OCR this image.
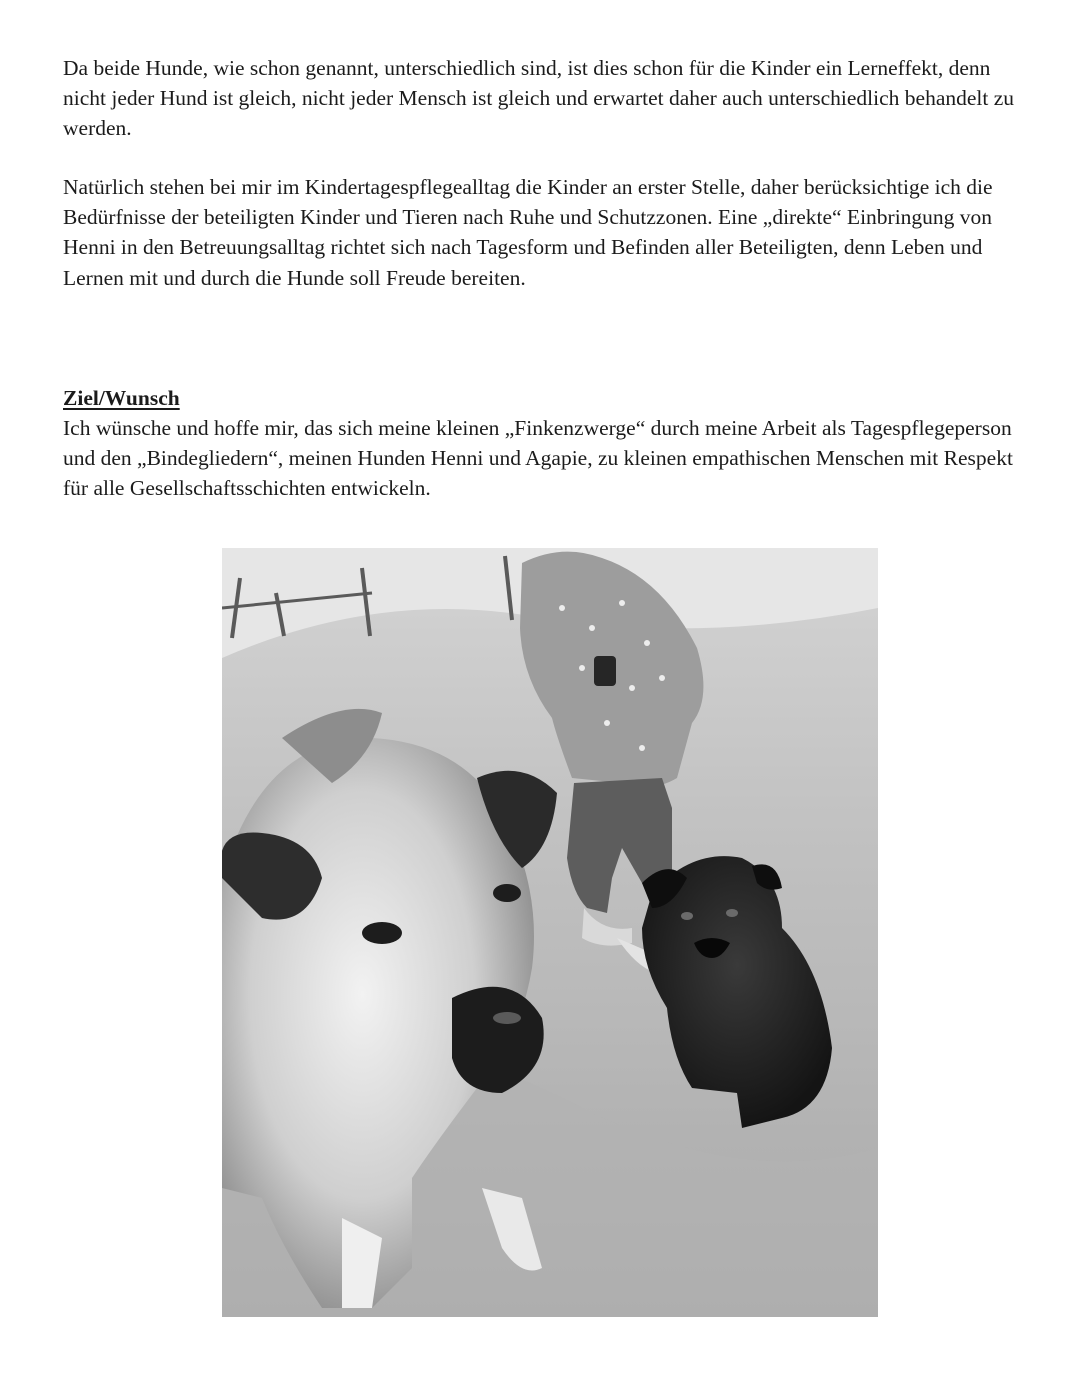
Da beide Hunde, wie schon genannt, unterschiedlich sind, ist dies schon für die Kinder ein Lerneffekt, denn nicht jeder Hund ist gleich, nicht jeder Mensch ist gleich und erwartet daher auch unterschiedlich behandelt zu werden.

Natürlich stehen bei mir im Kindertagespflegealltag die Kinder an erster Stelle, daher berücksichtige ich die Bedürfnisse der beteiligten Kinder und Tieren nach Ruhe und Schutzzonen. Eine „direkte“ Einbringung von Henni in den Betreuungsalltag richtet sich nach Tagesform und Befinden aller Beteiligten, denn Leben und Lernen mit und durch die Hunde soll Freude bereiten.

Ziel/Wunsch

Ich wünsche und hoffe mir, das sich meine kleinen „Finkenzwerge“ durch meine Arbeit als Tagespflegeperson und den „Bindegliedern“, meinen Hunden Henni und Agapie, zu kleinen empathischen Menschen mit Respekt für alle Gesellschaftsschichten entwickeln.
